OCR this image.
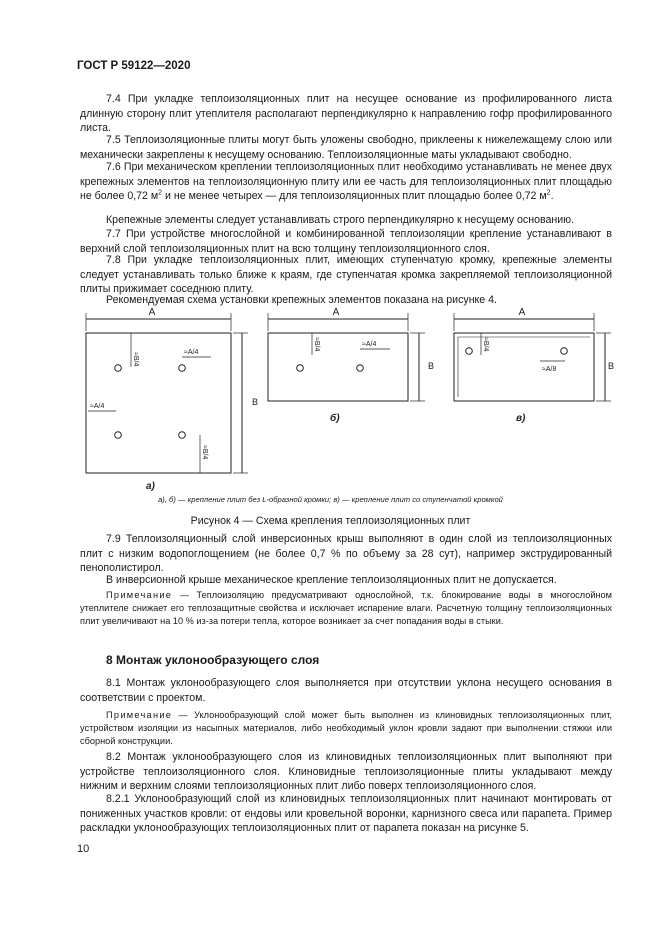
ГОСТ Р 59122—2020

7.4 При укладке теплоизоляционных плит на несущее основание из профилированного листа длинную сторону плит утеплителя располагают перпендикулярно к направлению гофр профилированного листа.

7.5 Теплоизоляционные плиты могут быть уложены свободно, приклеены к нижележащему слою или механически закреплены к несущему основанию. Теплоизоляционные маты укладывают свободно.

7.6 При механическом креплении теплоизоляционных плит необходимо устанавливать не менее двух крепежных элементов на теплоизоляционную плиту или ее часть для теплоизоляционных плит площадью не более 0,72 $м^2$ и не менее четырех — для теплоизоляционных плит площадью более 0,72 $м^2$.

Крепежные элементы следует устанавливать строго перпендикулярно к несущему основанию.

7.7 При устройстве многослойной и комбинированной теплоизоляции крепление устанавливают в верхний слой теплоизоляционных плит на всю толщину теплоизоляционного слоя.

7.8 При укладке теплоизоляционных плит, имеющих ступенчатую кромку, крепежные элементы следует устанавливать только ближе к краям, где ступенчатая кромка закрепляемой теплоизоляционной плиты прижимает соседнюю плиту.

Рекомендуемая схема установки крепежных элементов показана на рисунке 4.

A	A	A
B
B	B
≈A/4
≈A/4
≈B/4
≈B/4
≈A/4
≈B/4
≈A/8
≈B/4
а)
б)	в)
а), б) — крепление плит без L-образной кромки; в) — крепление плит со ступенчатой кромкой
Рисунок 4 — Схема крепления теплоизоляционных плит

7.9 Теплоизоляционный слой инверсионных крыш выполняют в один слой из теплоизоляционных плит с низким водопоглощением (не более 0,7 % по объему за 28 сут), например экструдированный пенополистирол.

В инверсионной крыше механическое крепление теплоизоляционных плит не допускается.

Примечание — Теплоизоляцию предусматривают однослойной, т.к. блокирование воды в многослойном утеплителе снижает его теплозащитные свойства и исключает испарение влаги. Расчетную толщину теплоизоляционных плит увеличивают на 10 % из-за потери тепла, которое возникает за счет попадания воды в стыки.

8 Монтаж уклонообразующего слоя

8.1 Монтаж уклонообразующего слоя выполняется при отсутствии уклона несущего основания в соответствии с проектом.

Примечание — Уклонообразующий слой может быть выполнен из клиновидных теплоизоляционных плит, устройством изоляции из насыпных материалов, либо необходимый уклон кровли задают при выполнении стяжки или сборной конструкции.

8.2 Монтаж уклонообразующего слоя из клиновидных теплоизоляционных плит выполняют при устройстве теплоизоляционного слоя. Клиновидные теплоизоляционные плиты укладывают между нижним и верхним слоями теплоизоляционных плит либо поверх теплоизоляционного слоя.

8.2.1 Уклонообразующий слой из клиновидных теплоизоляционных плит начинают монтировать от пониженных участков кровли: от ендовы или кровельной воронки, карнизного свеса или парапета. Пример раскладки уклонообразующих теплоизоляционных плит от парапета показан на рисунке 5.

10
